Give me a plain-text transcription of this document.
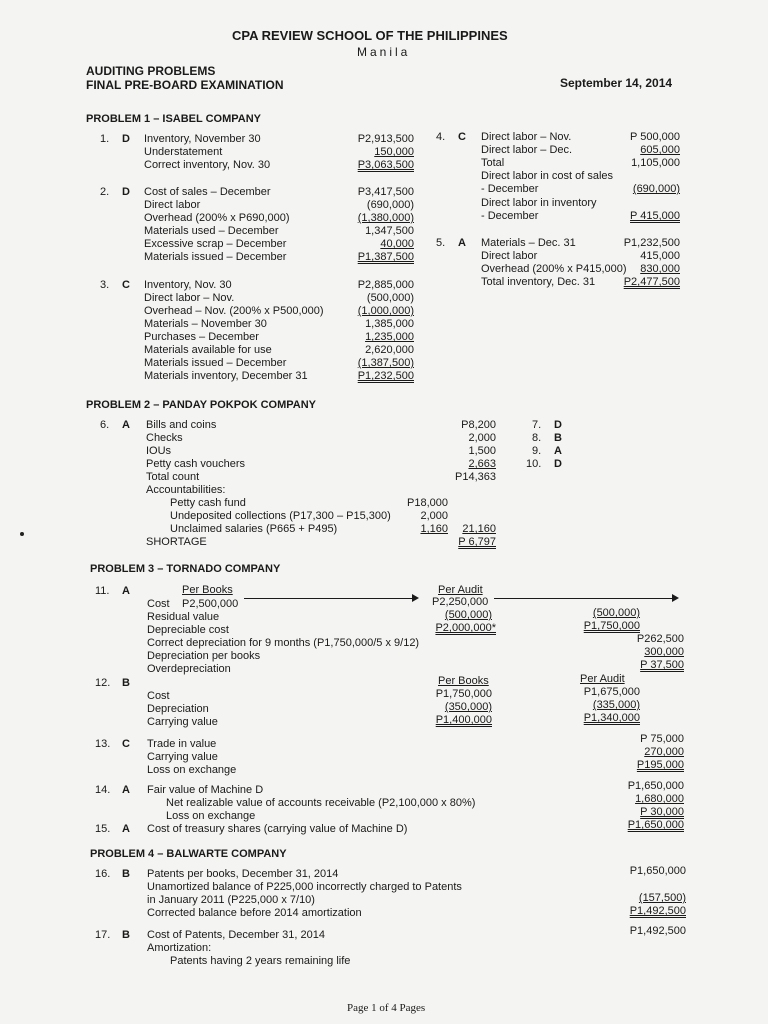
CPA REVIEW SCHOOL OF THE PHILIPPINES
Manila
AUDITING PROBLEMS
FINAL PRE-BOARD EXAMINATION	September 14, 2014
PROBLEM 1 – ISABEL COMPANY
1. D Inventory, November 30	P2,913,500
Understatement	150,000
Correct inventory, Nov. 30	P3,063,500
2. D Cost of sales – December	P3,417,500
Direct labor	(690,000)
Overhead (200% x P690,000)	(1,380,000)
Materials used – December	1,347,500
Excessive scrap – December	40,000
Materials issued – December	P1,387,500
3. C Inventory, Nov. 30	P2,885,000
Direct labor – Nov.	(500,000)
Overhead – Nov. (200% x P500,000)	(1,000,000)
Materials – November 30	1,385,000
Purchases – December	1,235,000
Materials available for use	2,620,000
Materials issued – December	(1,387,500)
Materials inventory, December 31	P1,232,500
4. C Direct labor – Nov.	P 500,000
Direct labor – Dec.	605,000
Total	1,105,000
Direct labor in cost of sales
- December	(690,000)
Direct labor in inventory
- December	P 415,000
5. A Materials – Dec. 31	P1,232,500
Direct labor	415,000
Overhead (200% x P415,000)	830,000
Total inventory, Dec. 31	P2,477,500
PROBLEM 2 – PANDAY POKPOK COMPANY
6. A Bills and coins	P8,200
Checks	2,000
IOUs	1,500
Petty cash vouchers	2,663
Total count	P14,363
Accountabilities:
Petty cash fund	P18,000
Undeposited collections (P17,300 – P15,300)	2,000
Unclaimed salaries (P665 + P495)	1,160	21,160
SHORTAGE	P 6,797
7. D
8. B
9. A
10. D
PROBLEM 3 – TORNADO COMPANY
11. A	Per Books	Per Audit
Cost P2,500,000	P2,250,000
Residual value	(500,000)	(500,000)
Depreciable cost	P2,000,000*	P1,750,000
Correct depreciation for 9 months (P1,750,000/5 x 9/12)	P262,500
Depreciation per books	300,000
Overdepreciation	P 37,500
12. B	Per Books	Per Audit
Cost	P1,750,000	P1,675,000
Depreciation	(350,000)	(335,000)
Carrying value	P1,400,000	P1,340,000
13. C Trade in value	P 75,000
Carrying value	270,000
Loss on exchange	P195,000
14. A Fair value of Machine D	P1,650,000
Net realizable value of accounts receivable (P2,100,000 x 80%)	1,680,000
Loss on exchange	P 30,000
15. A Cost of treasury shares (carrying value of Machine D)	P1,650,000
PROBLEM 4 – BALWARTE COMPANY
16. B Patents per books, December 31, 2014	P1,650,000
Unamortized balance of P225,000 incorrectly charged to Patents
in January 2011 (P225,000 x 7/10)	(157,500)
Corrected balance before 2014 amortization	P1,492,500
17. B Cost of Patents, December 31, 2014	P1,492,500
Amortization:
Patents having 2 years remaining life
Page 1 of 4 Pages
